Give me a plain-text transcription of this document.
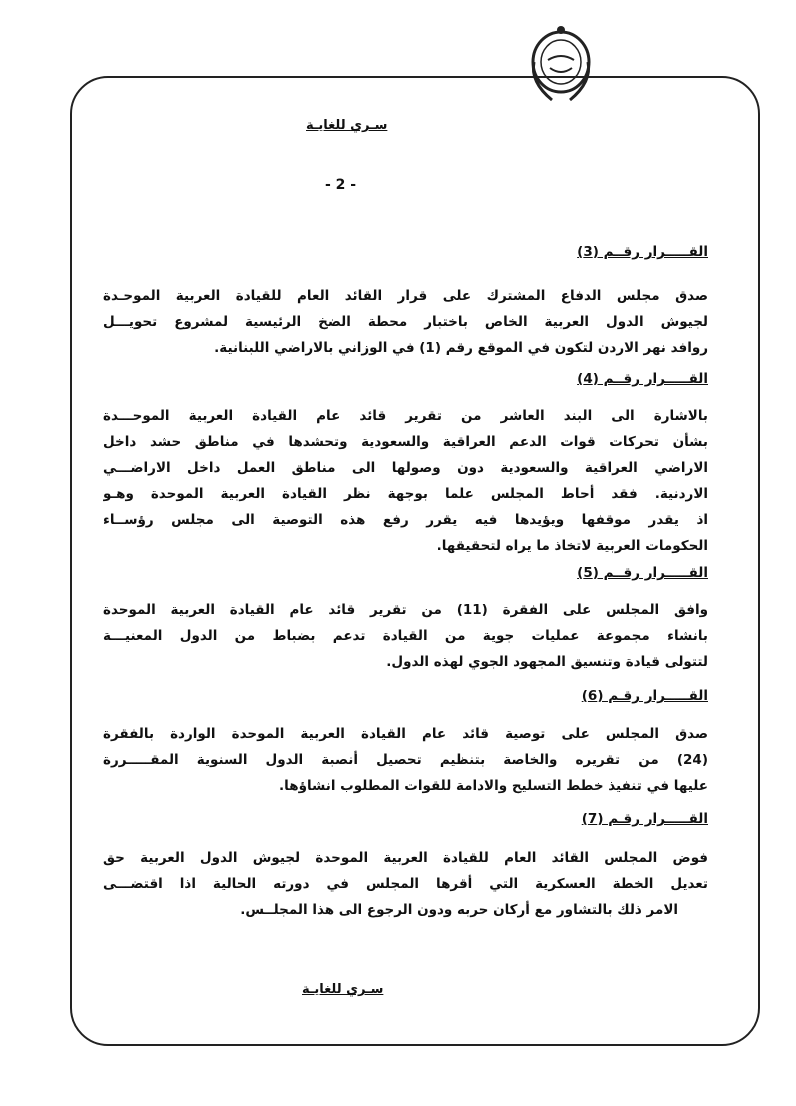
سـري للغايـة
- 2 -
القـــــرار رقــم (3)
صدق مجلس الدفاع المشترك على قرار القائد العام للقيادة العربية الموحـدة
لجيوش الدول العربية الخاص باختبار محطة الضخ الرئيسية لمشروع تحويـــل
روافد نهر الاردن لتكون في الموقع رقم (1) في الوزاني بالاراضي اللبنانية.
القـــــرار رقــم (4)
بالاشارة الى البند العاشر من تقرير قائد عام القيادة العربية الموحـــدة
بشأن تحركات قوات الدعم العراقية والسعودية وتحشدها في مناطق حشد داخل
الاراضي العراقية والسعودية دون وصولها الى مناطق العمل داخل الاراضـــي
الاردنية. فقد أحاط المجلس علما بوجهة نظر القيادة العربية الموحدة وهـو
اذ يقدر موقفها ويؤيدها فيه يقرر رفع هذه التوصية الى مجلس رؤســاء
الحكومات العربية لاتخاذ ما يراه لتحقيقها.
القـــــرار رقــم (5)
وافق المجلس على الفقرة (11) من تقرير قائد عام القيادة العربية الموحدة
بانشاء مجموعة عمليات جوية من القيادة تدعم بضباط من الدول المعنيـــة
لتتولى قيادة وتنسيق المجهود الجوي لهذه الدول.
القـــــرار رقـم (6)
صدق المجلس على توصية قائد عام القيادة العربية الموحدة الواردة بالفقرة
(24) من تقريره والخاصة بتنظيم تحصيل أنصبة الدول السنوية المقـــــررة
عليها في تنفيذ خطط التسليح والادامة للقوات المطلوب انشاؤها.
القـــــرار رقـم (7)
فوض المجلس القائد العام للقيادة العربية الموحدة لجيوش الدول العربية حق
تعديل الخطة العسكرية التي أقرها المجلس في دورته الحالية اذا اقتضـــى
الامر ذلك بالتشاور مع أركان حربه ودون الرجوع الى هذا المجلــس.
سـري للغايـة
